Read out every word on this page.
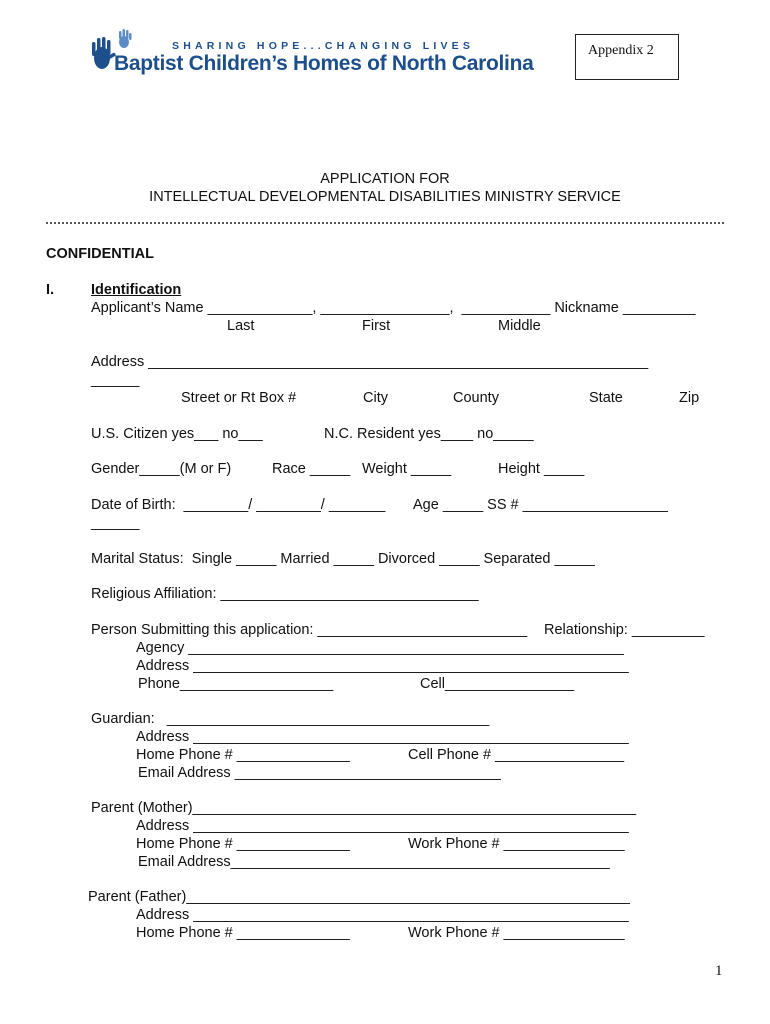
SHARING HOPE...CHANGING LIVES
Baptist Children’s Homes of North Carolina
Appendix 2
APPLICATION FOR
INTELLECTUAL DEVELOPMENTAL DISABILITIES MINISTRY SERVICE
CONFIDENTIAL
I.	Identification
Applicant’s Name _____________, ________________,  ___________ Nickname _________
Last	First	Middle
Address ______________________________________________________________
______
Street or Rt Box #	City	County	State	Zip
U.S. Citizen yes___ no___	N.C. Resident yes____ no_____
Gender_____(M or F)	Race _____ Weight _____	Height _____
Date of Birth:  ________/ ________/ _______ Age _____ SS # __________________
______
Marital Status:  Single _____ Married _____ Divorced _____ Separated _____
Religious Affiliation: ________________________________
Person Submitting this application: __________________________ Relationship: _________
Agency ______________________________________________________
Address ______________________________________________________
Phone___________________	Cell________________
Guardian:   ________________________________________
Address ______________________________________________________
Home Phone # ______________	Cell Phone # ________________
Email Address _________________________________
Parent (Mother)_______________________________________________________
Address ______________________________________________________
Home Phone # ______________	Work Phone # _______________
Email Address_______________________________________________
Parent (Father)_______________________________________________________
Address ______________________________________________________
Home Phone # ______________	Work Phone # _______________
1
